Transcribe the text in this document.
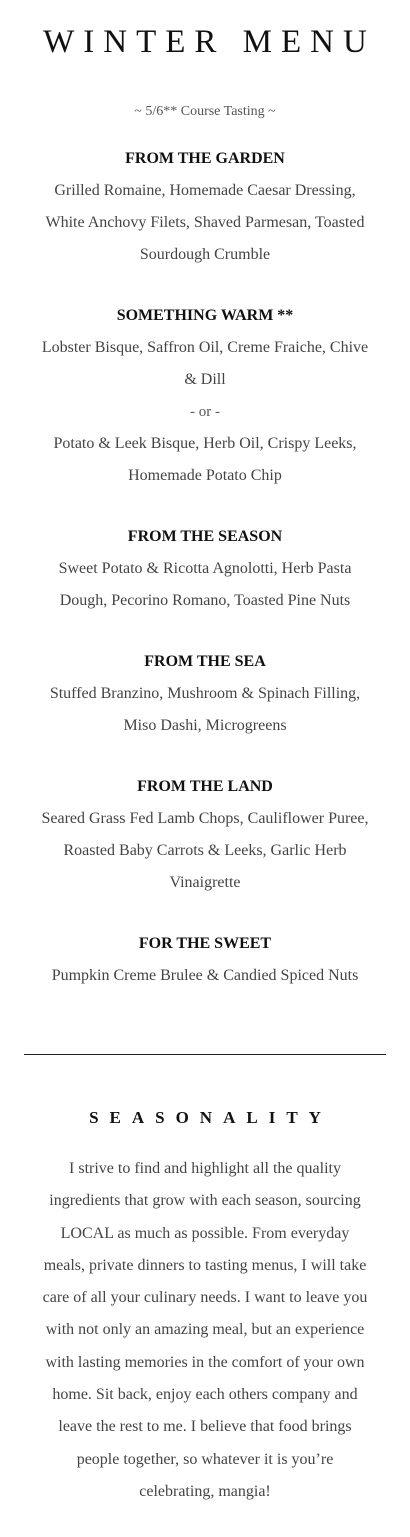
WINTER MENU
~ 5/6** Course Tasting ~
FROM THE GARDEN
Grilled Romaine, Homemade Caesar Dressing,
White Anchovy Filets, Shaved Parmesan, Toasted
Sourdough Crumble
SOMETHING WARM **
Lobster Bisque, Saffron Oil, Creme Fraiche, Chive
& Dill
- or -
Potato & Leek Bisque, Herb Oil, Crispy Leeks,
Homemade Potato Chip
FROM THE SEASON
Sweet Potato & Ricotta Agnolotti, Herb Pasta
Dough, Pecorino Romano, Toasted Pine Nuts
FROM THE SEA
Stuffed Branzino, Mushroom & Spinach Filling,
Miso Dashi, Microgreens
FROM THE LAND
Seared Grass Fed Lamb Chops, Cauliflower Puree,
Roasted Baby Carrots & Leeks, Garlic Herb
Vinaigrette
FOR THE SWEET
Pumpkin Creme Brulee & Candied Spiced Nuts
SEASONALITY
I strive to find and highlight all the quality
ingredients that grow with each season, sourcing
LOCAL as much as possible. From everyday
meals, private dinners to tasting menus, I will take
care of all your culinary needs. I want to leave you
with not only an amazing meal, but an experience
with lasting memories in the comfort of your own
home. Sit back, enjoy each others company and
leave the rest to me. I believe that food brings
people together, so whatever it is you’re
celebrating, mangia!
